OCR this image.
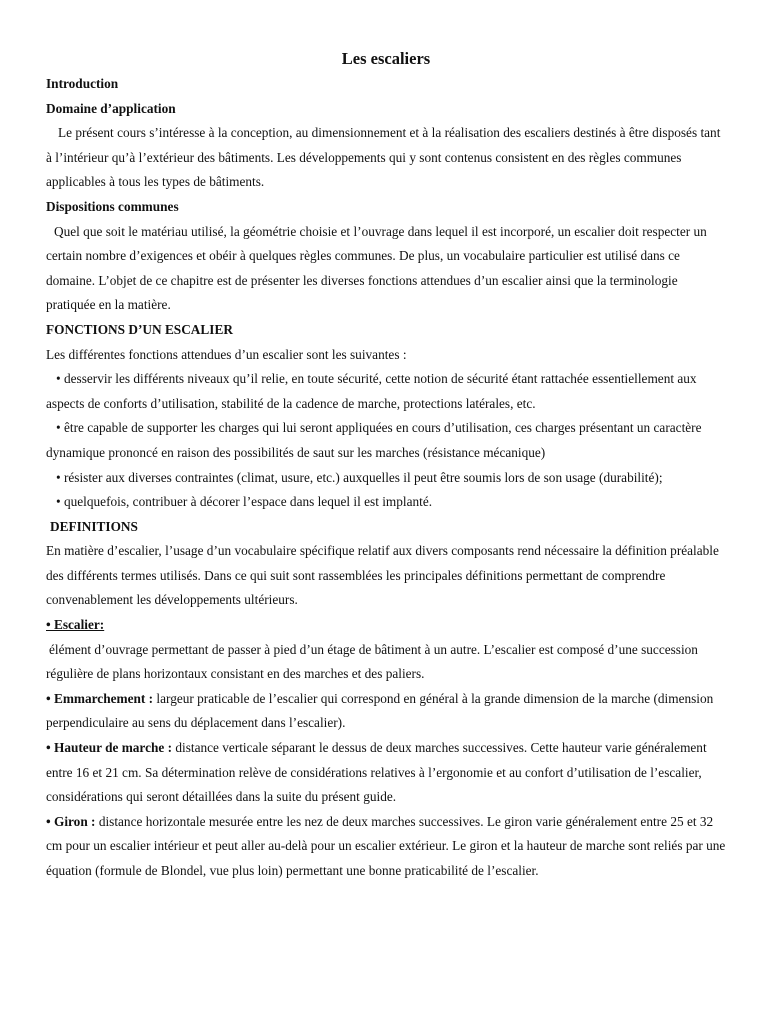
Les escaliers
Introduction
Domaine d’application
Le présent cours s’intéresse à la conception, au dimensionnement et à la réalisation des escaliers destinés à être disposés tant à l’intérieur qu’à l’extérieur des bâtiments. Les développements qui y sont contenus consistent en des règles communes applicables à tous les types de bâtiments.
Dispositions communes
Quel que soit le matériau utilisé, la géométrie choisie et l’ouvrage dans lequel il est incorporé, un escalier doit respecter un certain nombre d’exigences et obéir à quelques règles communes. De plus, un vocabulaire particulier est utilisé dans ce domaine. L’objet de ce chapitre est de présenter les diverses fonctions attendues d’un escalier ainsi que la terminologie pratiquée en la matière.
FONCTIONS D’UN ESCALIER
Les différentes fonctions attendues d’un escalier sont les suivantes :
• desservir les différents niveaux qu’il relie, en toute sécurité, cette notion de sécurité étant rattachée essentiellement aux aspects de conforts d’utilisation, stabilité de la cadence de marche, protections latérales, etc.
• être capable de supporter les charges qui lui seront appliquées en cours d’utilisation, ces charges présentant un caractère dynamique prononcé en raison des possibilités de saut sur les marches (résistance mécanique)
• résister aux diverses contraintes (climat, usure, etc.) auxquelles il peut être soumis lors de son usage (durabilité);
• quelquefois, contribuer à décorer l’espace dans lequel il est implanté.
DEFINITIONS
En matière d’escalier, l’usage d’un vocabulaire spécifique relatif aux divers composants rend nécessaire la définition préalable des différents termes utilisés. Dans ce qui suit sont rassemblées les principales définitions permettant de comprendre convenablement les développements ultérieurs.
• Escalier:
élément d’ouvrage permettant de passer à pied d’un étage de bâtiment à un autre. L’escalier est composé d’une succession régulière de plans horizontaux consistant en des marches et des paliers.
• Emmarchement : largeur praticable de l’escalier qui correspond en général à la grande dimension de la marche (dimension perpendiculaire au sens du déplacement dans l’escalier).
• Hauteur de marche : distance verticale séparant le dessus de deux marches successives. Cette hauteur varie généralement entre 16 et 21 cm. Sa détermination relève de considérations relatives à l’ergonomie et au confort d’utilisation de l’escalier, considérations qui seront détaillées dans la suite du présent guide.
• Giron : distance horizontale mesurée entre les nez de deux marches successives. Le giron varie généralement entre 25 et 32 cm pour un escalier intérieur et peut aller au-delà pour un escalier extérieur. Le giron et la hauteur de marche sont reliés par une équation (formule de Blondel, vue plus loin) permettant une bonne praticabilité de l’escalier.
